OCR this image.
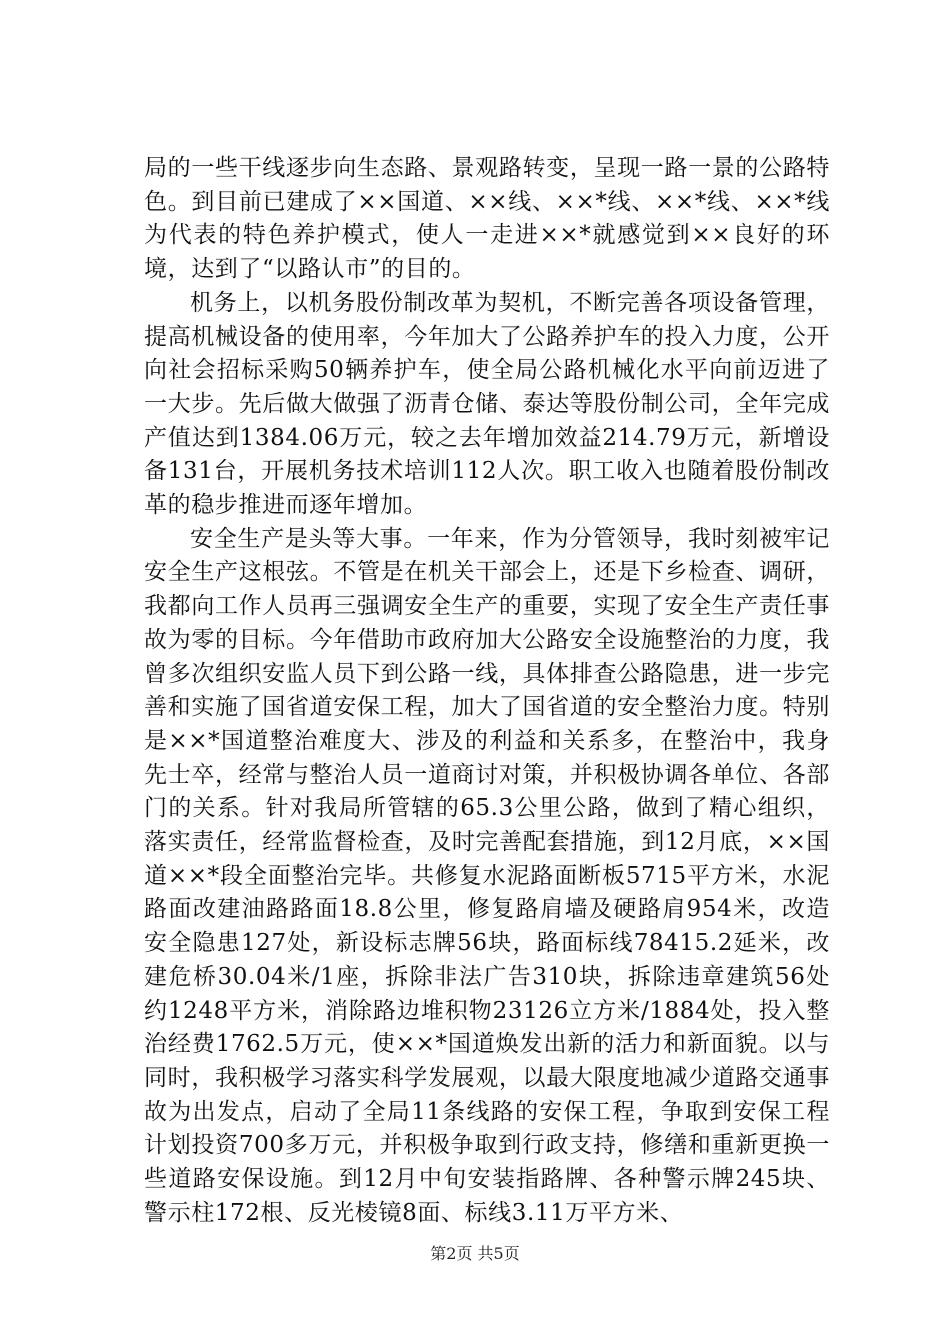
局的一些干线逐步向生态路、景观路转变，呈现一路一景的公路特色。到目前已建成了××国道、××线、××*线、××*线、××*线为代表的特色养护模式，使人一走进××*就感觉到××良好的环境，达到了“以路认市”的目的。

机务上，以机务股份制改革为契机，不断完善各项设备管理，提高机械设备的使用率，今年加大了公路养护车的投入力度，公开向社会招标采购50辆养护车，使全局公路机械化水平向前迈进了一大步。先后做大做强了沥青仓储、泰达等股份制公司，全年完成产值达到1384.06万元，较之去年增加效益214.79万元，新增设备131台，开展机务技术培训112人次。职工收入也随着股份制改革的稳步推进而逐年增加。

安全生产是头等大事。一年来，作为分管领导，我时刻被牢记安全生产这根弦。不管是在机关干部会上，还是下乡检查、调研，我都向工作人员再三强调安全生产的重要，实现了安全生产责任事故为零的目标。今年借助市政府加大公路安全设施整治的力度，我曾多次组织安监人员下到公路一线，具体排查公路隐患，进一步完善和实施了国省道安保工程，加大了国省道的安全整治力度。特别是××*国道整治难度大、涉及的利益和关系多，在整治中，我身先士卒，经常与整治人员一道商讨对策，并积极协调各单位、各部门的关系。针对我局所管辖的65.3公里公路，做到了精心组织，落实责任，经常监督检查，及时完善配套措施，到12月底，××国道××*段全面整治完毕。共修复水泥路面断板5715平方米，水泥路面改建油路路面18.8公里，修复路肩墙及硬路肩954米，改造安全隐患127处，新设标志牌56块，路面标线78415.2延米，改建危桥30.04米/1座，拆除非法广告310块，拆除违章建筑56处约1248平方米，消除路边堆积物23126立方米/1884处，投入整治经费1762.5万元，使××*国道焕发出新的活力和新面貌。以与同时，我积极学习落实科学发展观，以最大限度地减少道路交通事故为出发点，启动了全局11条线路的安保工程，争取到安保工程计划投资700多万元，并积极争取到行政支持，修缮和重新更换一些道路安保设施。到12月中旬安装指路牌、各种警示牌245块、警示柱172根、反光棱镜8面、标线3.11万平方米、

第2页 共5页
